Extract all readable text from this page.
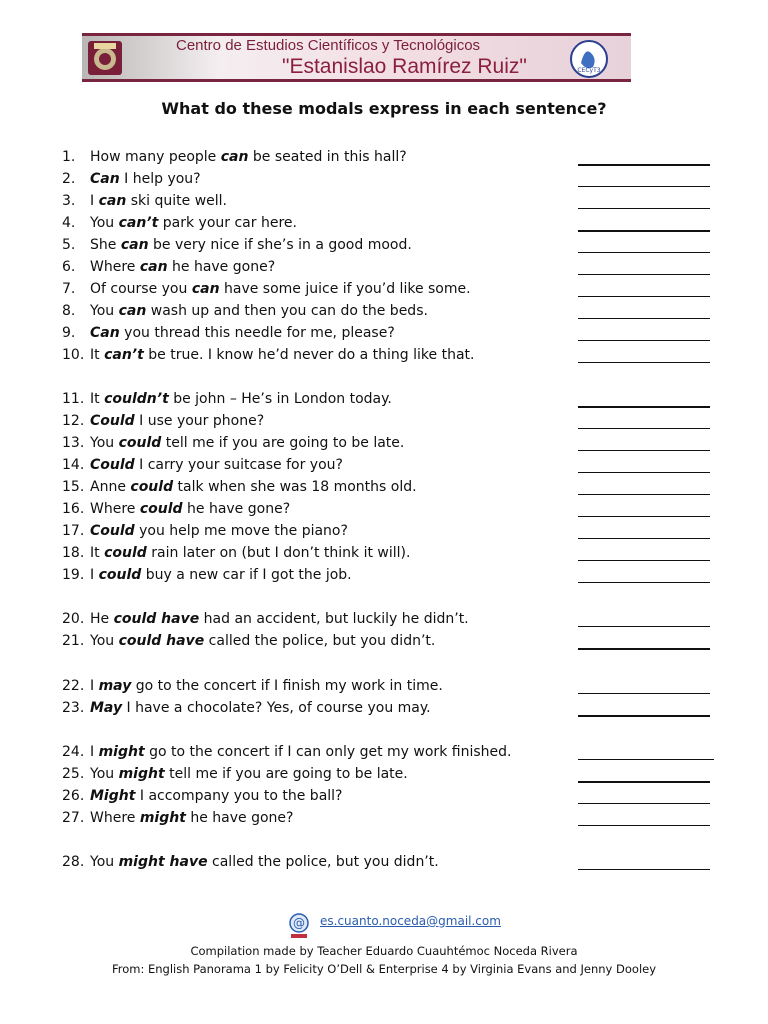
Centro de Estudios Científicos y Tecnológicos
"Estanislao Ramírez Ruiz"	CECyT3
What do these modals express in each sentence?
1. How many people can be seated in this hall?
2. Can I help you?
3. I can ski quite well.
4. You can’t park your car here.
5. She can be very nice if she’s in a good mood.
6. Where can he have gone?
7. Of course you can have some juice if you’d like some.
8. You can wash up and then you can do the beds.
9. Can you thread this needle for me, please?
10. It can’t be true. I know he’d never do a thing like that.
11. It couldn’t be john – He’s in London today.
12. Could I use your phone?
13. You could tell me if you are going to be late.
14. Could I carry your suitcase for you?
15. Anne could talk when she was 18 months old.
16. Where could he have gone?
17. Could you help me move the piano?
18. It could rain later on (but I don’t think it will).
19. I could buy a new car if I got the job.
20. He could have had an accident, but luckily he didn’t.
21. You could have called the police, but you didn’t.
22. I may go to the concert if I finish my work in time.
23. May I have a chocolate? Yes, of course you may.
24. I might go to the concert if I can only get my work finished.
25. You might tell me if you are going to be late.
26. Might I accompany you to the ball?
27. Where might he have gone?
28. You might have called the police, but you didn’t.
@ es.cuanto.noceda@gmail.com
Compilation made by Teacher Eduardo Cuauhtémoc Noceda Rivera
From: English Panorama 1 by Felicity O’Dell & Enterprise 4 by Virginia Evans and Jenny Dooley
